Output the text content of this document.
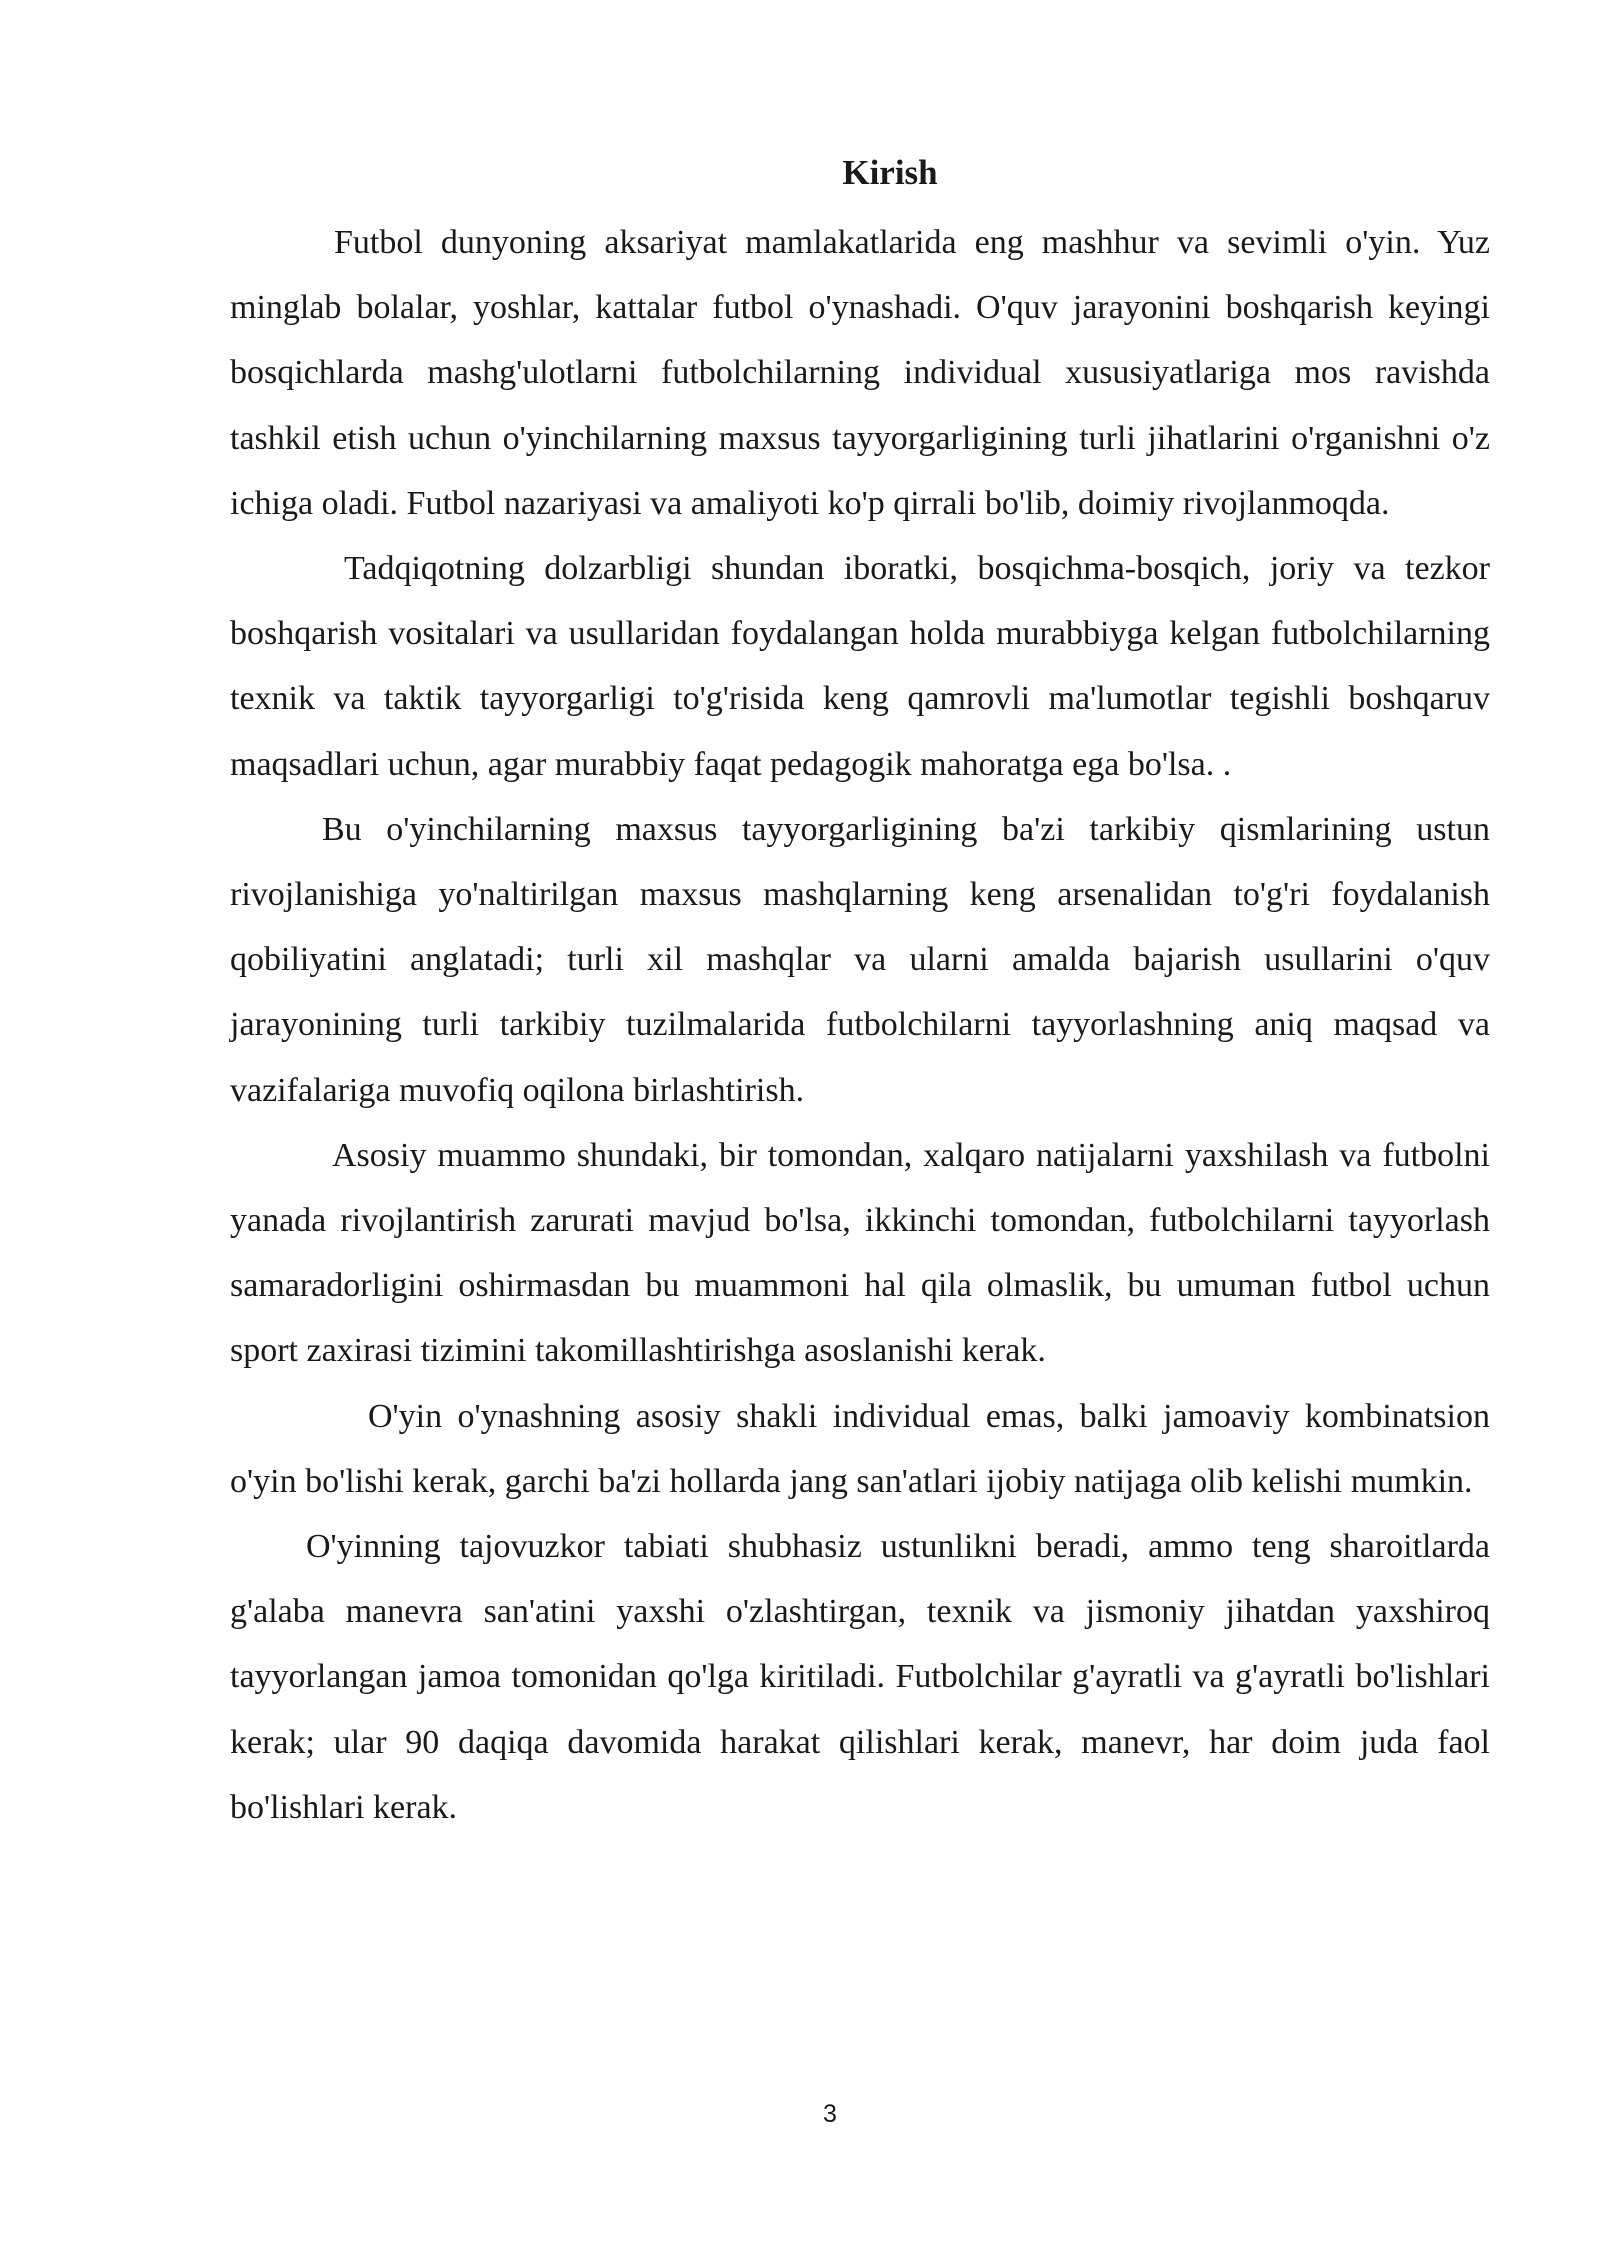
Kirish

Futbol dunyoning aksariyat mamlakatlarida eng mashhur va sevimli o'yin. Yuz minglab bolalar, yoshlar, kattalar futbol o'ynashadi. O'quv jarayonini boshqarish keyingi bosqichlarda mashg'ulotlarni futbolchilarning individual xususiyatlariga mos ravishda tashkil etish uchun o'yinchilarning maxsus tayyorgarligining turli jihatlarini o'rganishni o'z ichiga oladi. Futbol nazariyasi va amaliyoti ko'p qirrali bo'lib, doimiy rivojlanmoqda.

Tadqiqotning dolzarbligi shundan iboratki, bosqichma-bosqich, joriy va tezkor boshqarish vositalari va usullaridan foydalangan holda murabbiyga kelgan futbolchilarning texnik va taktik tayyorgarligi to'g'risida keng qamrovli ma'lumotlar tegishli boshqaruv maqsadlari uchun, agar murabbiy faqat pedagogik mahoratga ega bo'lsa. .

Bu o'yinchilarning maxsus tayyorgarligining ba'zi tarkibiy qismlarining ustun rivojlanishiga yo'naltirilgan maxsus mashqlarning keng arsenalidan to'g'ri foydalanish qobiliyatini anglatadi; turli xil mashqlar va ularni amalda bajarish usullarini o'quv jarayonining turli tarkibiy tuzilmalarida futbolchilarni tayyorlashning aniq maqsad va vazifalariga muvofiq oqilona birlashtirish.

Asosiy muammo shundaki, bir tomondan, xalqaro natijalarni yaxshilash va futbolni yanada rivojlantirish zarurati mavjud bo'lsa, ikkinchi tomondan, futbolchilarni tayyorlash samaradorligini oshirmasdan bu muammoni hal qila olmaslik, bu umuman futbol uchun sport zaxirasi tizimini takomillashtirishga asoslanishi kerak.

O'yin o'ynashning asosiy shakli individual emas, balki jamoaviy kombinatsion o'yin bo'lishi kerak, garchi ba'zi hollarda jang san'atlari ijobiy natijaga olib kelishi mumkin.

O'yinning tajovuzkor tabiati shubhasiz ustunlikni beradi, ammo teng sharoitlarda g'alaba manevra san'atini yaxshi o'zlashtirgan, texnik va jismoniy jihatdan yaxshiroq tayyorlangan jamoa tomonidan qo'lga kiritiladi. Futbolchilar g'ayratli va g'ayratli bo'lishlari kerak; ular 90 daqiqa davomida harakat qilishlari kerak, manevr, har doim juda faol bo'lishlari kerak.

3
